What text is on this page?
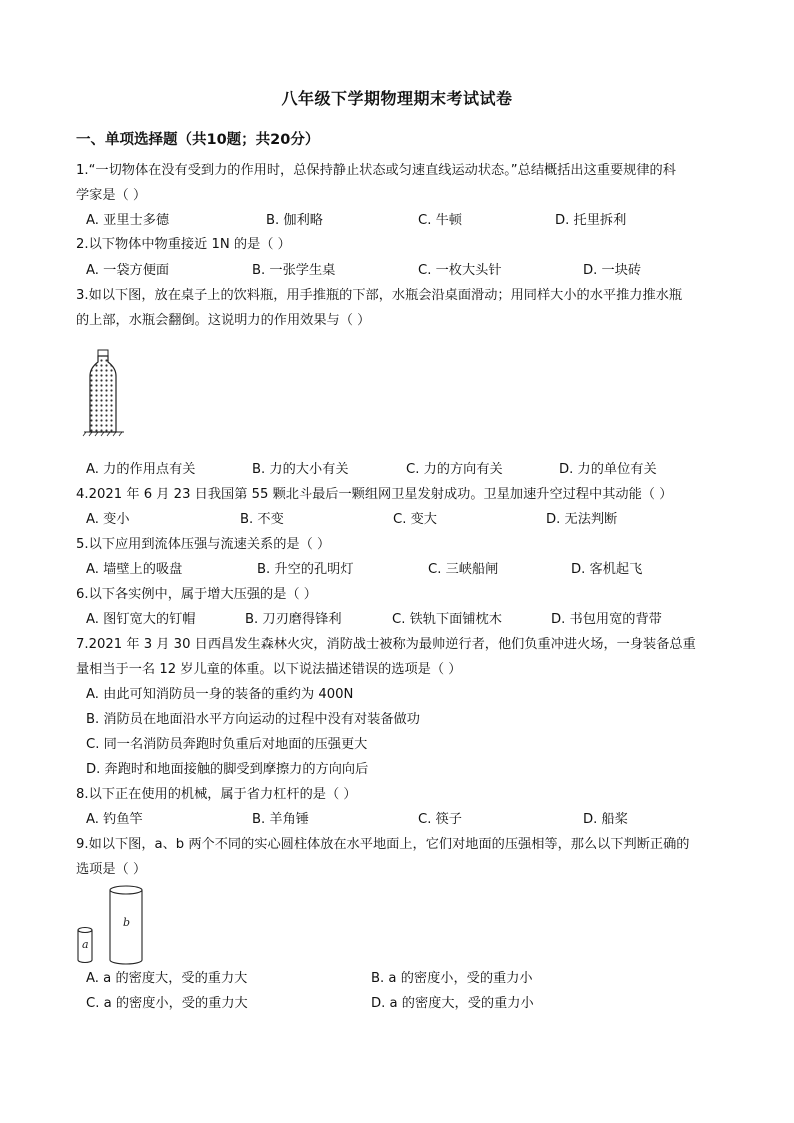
八年级下学期物理期末考试试卷
一、单项选择题（共10题；共20分）
1.“一切物体在没有受到力的作用时，总保持静止状态或匀速直线运动状态。”总结概括出这重要规律的科
学家是（ ）
A. 亚里士多德	B. 伽利略	C. 牛顿	D. 托里拆利
2.以下物体中物重接近 1N 的是（ ）
A. 一袋方便面	B. 一张学生桌	C. 一枚大头针	D. 一块砖
3.如以下图，放在桌子上的饮料瓶，用手推瓶的下部，水瓶会沿桌面滑动；用同样大小的水平推力推水瓶
的上部，水瓶会翻倒。这说明力的作用效果与（ ）
A. 力的作用点有关	B. 力的大小有关	C. 力的方向有关	D. 力的单位有关
4.2021 年 6 月 23 日我国第 55 颗北斗最后一颗组网卫星发射成功。卫星加速升空过程中其动能（ ）
A. 变小	B. 不变	C. 变大	D. 无法判断
5.以下应用到流体压强与流速关系的是（ ）
A. 墙壁上的吸盘	B. 升空的孔明灯	C. 三峡船闸	D. 客机起飞
6.以下各实例中，属于增大压强的是（ ）
A. 图钉宽大的钉帽	B. 刀刃磨得锋利	C. 铁轨下面铺枕木	D. 书包用宽的背带
7.2021 年 3 月 30 日西昌发生森林火灾，消防战士被称为最帅逆行者，他们负重冲进火场，一身装备总重
量相当于一名 12 岁儿童的体重。以下说法描述错误的选项是（ ）
A. 由此可知消防员一身的装备的重约为 400N
B. 消防员在地面沿水平方向运动的过程中没有对装备做功
C. 同一名消防员奔跑时负重后对地面的压强更大
D. 奔跑时和地面接触的脚受到摩擦力的方向向后
8.以下正在使用的机械，属于省力杠杆的是（ ）
A. 钓鱼竿	B. 羊角锤	C. 筷子	D. 船桨
9.如以下图，a、b 两个不同的实心圆柱体放在水平地面上，它们对地面的压强相等，那么以下判断正确的
选项是（ ）
a
b
A. a 的密度大，受的重力大	B. a 的密度小，受的重力小
C. a 的密度小，受的重力大	D. a 的密度大，受的重力小
